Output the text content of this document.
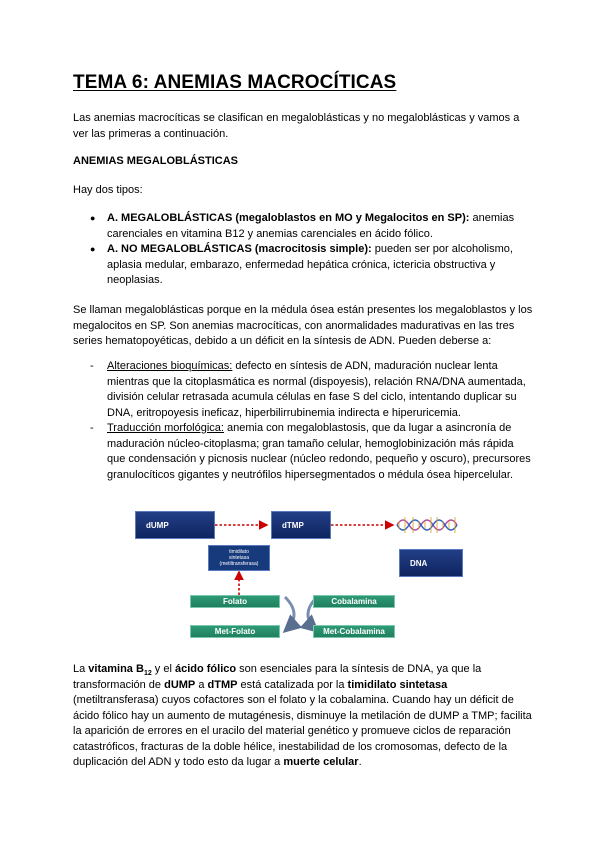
TEMA 6: ANEMIAS MACROCÍTICAS
Las anemias macrocíticas se clasifican en megaloblásticas y no megaloblásticas y vamos a ver las primeras a continuación.
ANEMIAS MEGALOBLÁSTICAS
Hay dos tipos:
● A. MEGALOBLÁSTICAS (megaloblastos en MO y Megalocitos en SP): anemias carenciales en vitamina B12 y anemias carenciales en ácido fólico.
● A. NO MEGALOBLÁSTICAS (macrocitosis simple): pueden ser por alcoholismo, aplasia medular, embarazo, enfermedad hepática crónica, ictericia obstructiva y neoplasias.
Se llaman megaloblásticas porque en la médula ósea están presentes los megaloblastos y los megalocitos en SP. Son anemias macrocíticas, con anormalidades madurativas en las tres series hematopoyéticas, debido a un déficit en la síntesis de ADN. Pueden deberse a:
- Alteraciones bioquímicas: defecto en síntesis de ADN, maduración nuclear lenta mientras que la citoplasmática es normal (dispoyesis), relación RNA/DNA aumentada, división celular retrasada acumula células en fase S del ciclo, intentando duplicar su DNA, eritropoyesis ineficaz, hiperbilirrubinemia indirecta e hiperuricemia.
- Traducción morfológica: anemia con megaloblastosis, que da lugar a asincronía de maduración núcleo-citoplasma; gran tamaño celular, hemoglobinización más rápida que condensación y picnosis nuclear (núcleo redondo, pequeño y oscuro), precursores granulocíticos gigantes y neutrófilos hipersegmentados o médula ósea hipercelular.
dUMP	dTMP
DNA
timidilato
sintetasa
(metiltransferasa)
Folato	Cobalamina
Met-Folato	Met-Cobalamina
La vitamina $B_{12}$ y el ácido fólico son esenciales para la síntesis de DNA, ya que la transformación de dUMP a dTMP está catalizada por la timidilato sintetasa (metiltransferasa) cuyos cofactores son el folato y la cobalamina. Cuando hay un déficit de ácido fólico hay un aumento de mutagénesis, disminuye la metilación de dUMP a TMP; facilita la aparición de errores en el uracilo del material genético y promueve ciclos de reparación catastróficos, fracturas de la doble hélice, inestabilidad de los cromosomas, defecto de la duplicación del ADN y todo esto da lugar a muerte celular.
